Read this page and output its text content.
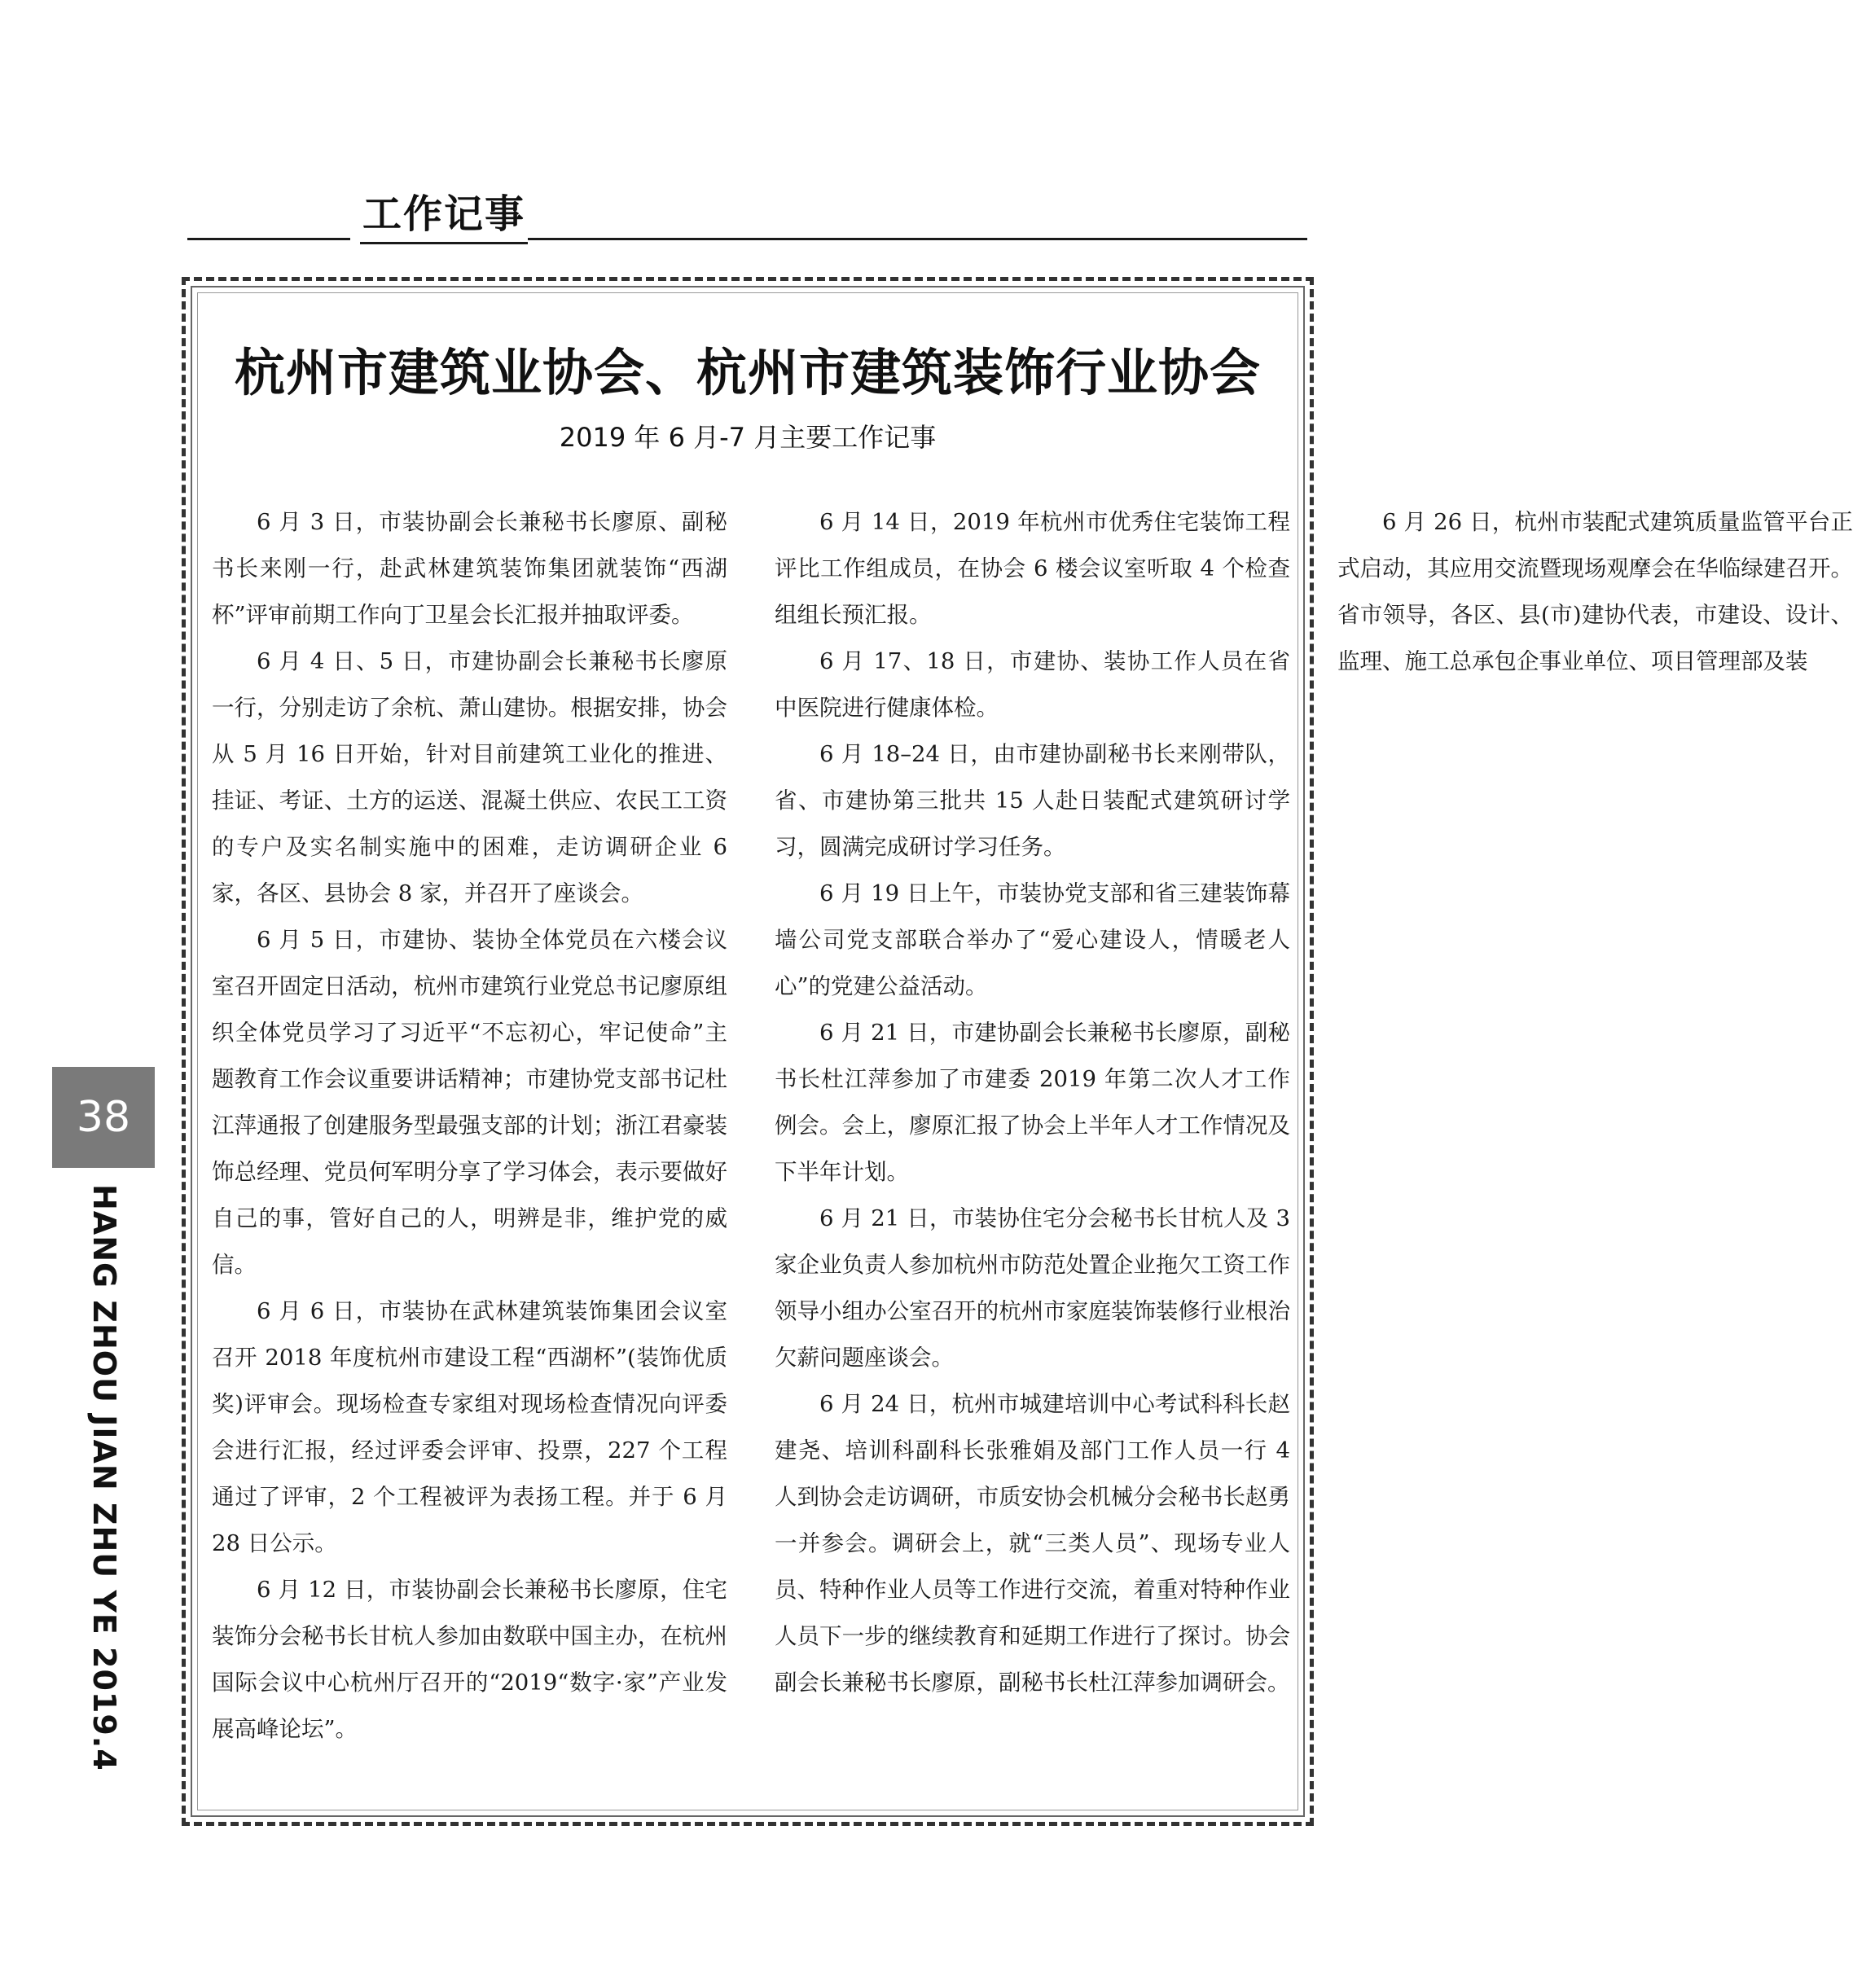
工作记事
38
HANG ZHOU JIAN ZHU YE 2019.4
杭州市建筑业协会、杭州市建筑装饰行业协会
2019 年 6 月-7 月主要工作记事

6 月 3 日，市装协副会长兼秘书长廖原、副秘书长来刚一行，赴武林建筑装饰集团就装饰“西湖杯”评审前期工作向丁卫星会长汇报并抽取评委。

6 月 4 日、5 日，市建协副会长兼秘书长廖原一行，分别走访了余杭、萧山建协。根据安排，协会从 5 月 16 日开始，针对目前建筑工业化的推进、挂证、考证、土方的运送、混凝土供应、农民工工资的专户及实名制实施中的困难，走访调研企业 6 家，各区、县协会 8 家，并召开了座谈会。

6 月 5 日，市建协、装协全体党员在六楼会议室召开固定日活动，杭州市建筑行业党总书记廖原组织全体党员学习了习近平“不忘初心，牢记使命”主题教育工作会议重要讲话精神；市建协党支部书记杜江萍通报了创建服务型最强支部的计划；浙江君豪装饰总经理、党员何军明分享了学习体会，表示要做好自己的事，管好自己的人，明辨是非，维护党的威信。

6 月 6 日，市装协在武林建筑装饰集团会议室召开 2018 年度杭州市建设工程“西湖杯”(装饰优质奖)评审会。现场检查专家组对现场检查情况向评委会进行汇报，经过评委会评审、投票，227 个工程通过了评审，2 个工程被评为表扬工程。并于 6 月 28 日公示。

6 月 12 日，市装协副会长兼秘书长廖原，住宅装饰分会秘书长甘杭人参加由数联中国主办，在杭州国际会议中心杭州厅召开的“2019“数字·家”产业发展高峰论坛”。

6 月 14 日，2019 年杭州市优秀住宅装饰工程评比工作组成员，在协会 6 楼会议室听取 4 个检查组组长预汇报。

6 月 17、18 日，市建协、装协工作人员在省中医院进行健康体检。

6 月 18–24 日，由市建协副秘书长来刚带队，省、市建协第三批共 15 人赴日装配式建筑研讨学习，圆满完成研讨学习任务。

6 月 19 日上午，市装协党支部和省三建装饰幕墙公司党支部联合举办了“爱心建设人，情暖老人心”的党建公益活动。

6 月 21 日，市建协副会长兼秘书长廖原，副秘书长杜江萍参加了市建委 2019 年第二次人才工作例会。会上，廖原汇报了协会上半年人才工作情况及下半年计划。

6 月 21 日，市装协住宅分会秘书长甘杭人及 3 家企业负责人参加杭州市防范处置企业拖欠工资工作领导小组办公室召开的杭州市家庭装饰装修行业根治欠薪问题座谈会。

6 月 24 日，杭州市城建培训中心考试科科长赵建尧、培训科副科长张雅娟及部门工作人员一行 4 人到协会走访调研，市质安协会机械分会秘书长赵勇一并参会。调研会上，就“三类人员”、现场专业人员、特种作业人员等工作进行交流，着重对特种作业人员下一步的继续教育和延期工作进行了探讨。协会副会长兼秘书长廖原，副秘书长杜江萍参加调研会。

6 月 26 日，杭州市装配式建筑质量监管平台正式启动，其应用交流暨现场观摩会在华临绿建召开。省市领导，各区、县(市)建协代表，市建设、设计、监理、施工总承包企事业单位、项目管理部及装
